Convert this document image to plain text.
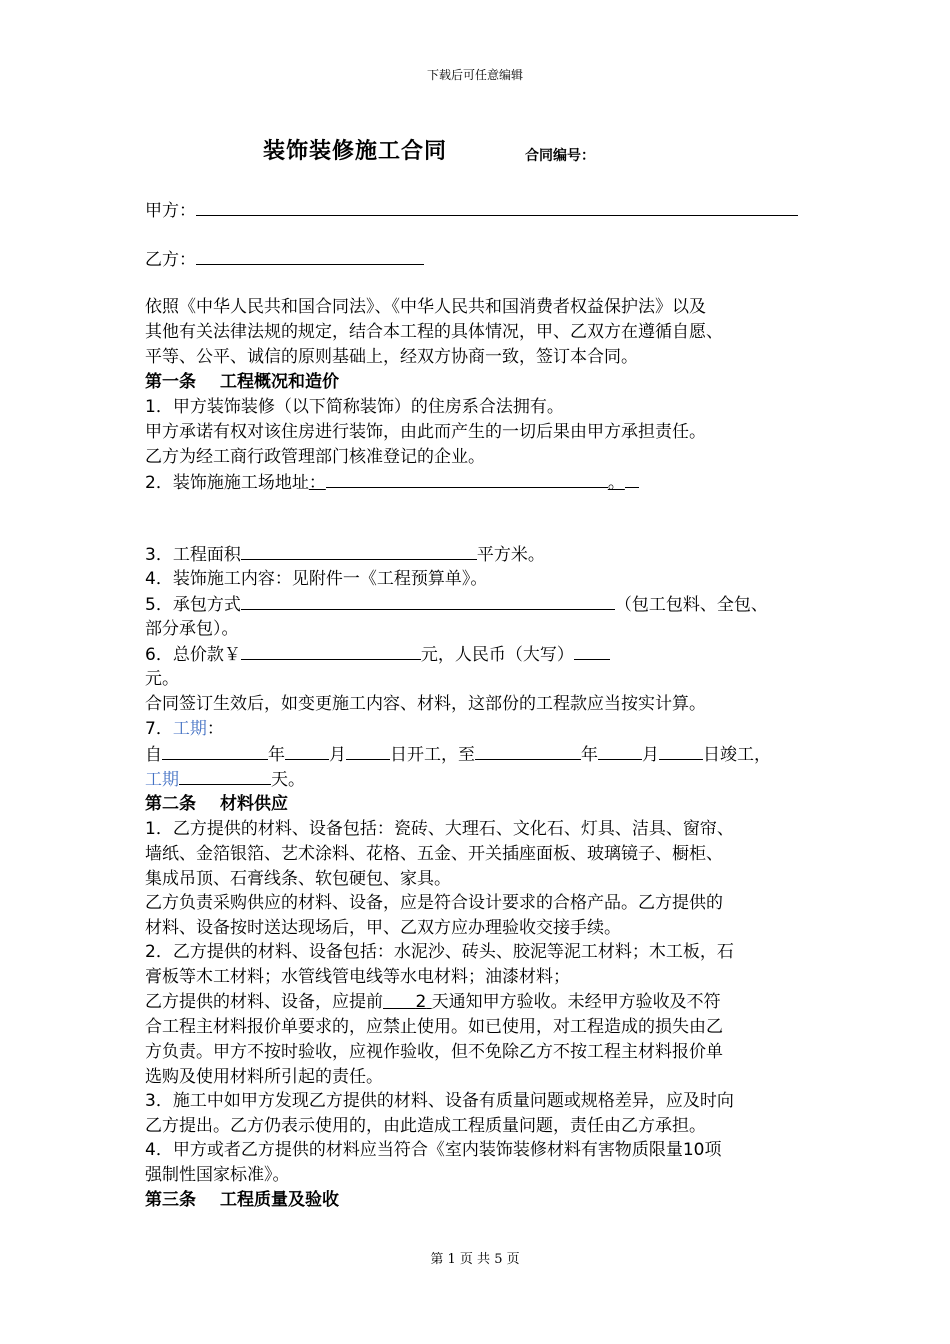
下载后可任意编辑
装饰装修施工合同	合同编号：
甲方：
乙方：
依照《中华人民共和国合同法》、《中华人民共和国消费者权益保护法》以及
其他有关法律法规的规定，结合本工程的具体情况，甲、乙双方在遵循自愿、
平等、公平、诚信的原则基础上，经双方协商一致，签订本合同。
第一条 工程概况和造价
1．甲方装饰装修（以下简称装饰）的住房系合法拥有。
甲方承诺有权对该住房进行装饰，由此而产生的一切后果由甲方承担责任。
乙方为经工商行政管理部门核准登记的企业。
2．装饰施施工场地址：	。
3．工程面积	平方米。
4．装饰施工内容：见附件一《工程预算单》。
5．承包方式	（包工包料、全包、
部分承包）。
6．总价款￥	元，人民币（大写）
元。
合同签订生效后，如变更施工内容、材料，这部份的工程款应当按实计算。
7．工期：
自	年	月	日开工，至	年	月	日竣工，
工期	天。
第二条 材料供应
1．乙方提供的材料、设备包括：瓷砖、大理石、文化石、灯具、洁具、窗帘、
墙纸、金箔银箔、艺术涂料、花格、五金、开关插座面板、玻璃镜子、橱柜、
集成吊顶、石膏线条、软包硬包、家具。
乙方负责采购供应的材料、设备，应是符合设计要求的合格产品。乙方提供的
材料、设备按时送达现场后，甲、乙双方应办理验收交接手续。
2．乙方提供的材料、设备包括：水泥沙、砖头、胶泥等泥工材料；木工板，石
膏板等木工材料；水管线管电线等水电材料；油漆材料；
乙方提供的材料、设备，应提前 2 天通知甲方验收。未经甲方验收及不符
合工程主材料报价单要求的，应禁止使用。如已使用，对工程造成的损失由乙
方负责。甲方不按时验收，应视作验收，但不免除乙方不按工程主材料报价单
选购及使用材料所引起的责任。
3．施工中如甲方发现乙方提供的材料、设备有质量问题或规格差异，应及时向
乙方提出。乙方仍表示使用的，由此造成工程质量问题，责任由乙方承担。
4．甲方或者乙方提供的材料应当符合《室内装饰装修材料有害物质限量10项
强制性国家标准》。
第三条 工程质量及验收
第 1 页 共 5 页
